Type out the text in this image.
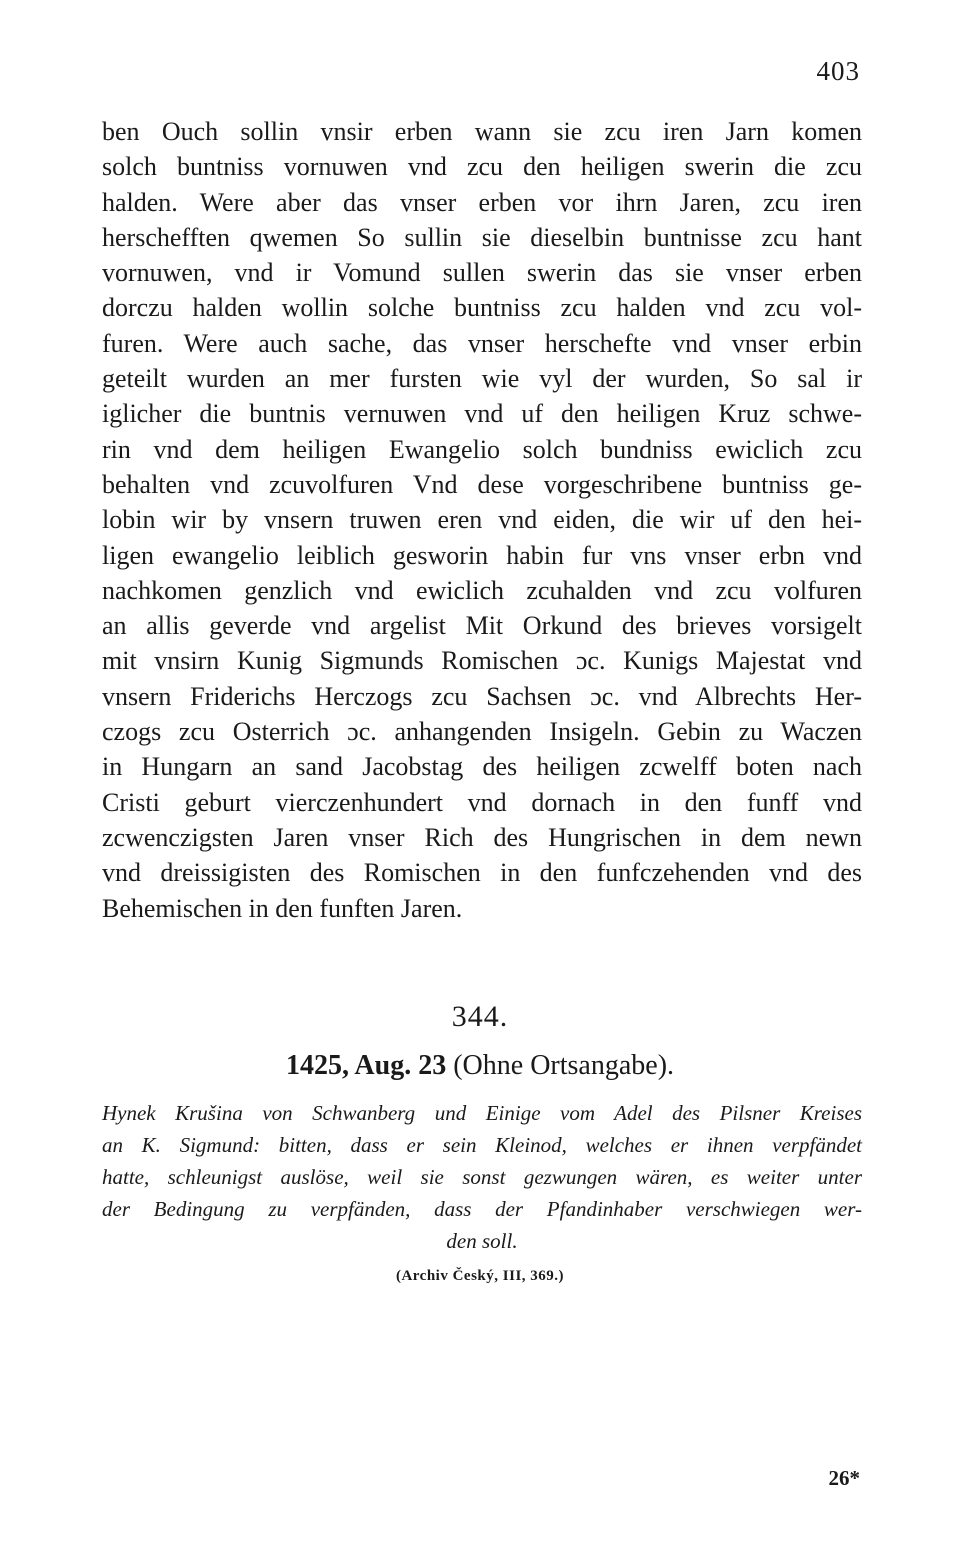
403
ben Ouch sollin vnsir erben wann sie zcu iren Jarn komen
solch buntniss vornuwen vnd zcu den heiligen swerin die zcu
halden. Were aber das vnser erben vor ihrn Jaren, zcu iren
herschefften qwemen So sullin sie dieselbin buntnisse zcu hant
vornuwen, vnd ir Vomund sullen swerin das sie vnser erben
dorczu halden wollin solche buntniss zcu halden vnd zcu vol-
furen. Were auch sache, das vnser herschefte vnd vnser erbin
geteilt wurden an mer fursten wie vyl der wurden, So sal ir
iglicher die buntnis vernuwen vnd uf den heiligen Kruz schwe-
rin vnd dem heiligen Ewangelio solch bundniss ewiclich zcu
behalten vnd zcuvolfuren Vnd dese vorgeschribene buntniss ge-
lobin wir by vnsern truwen eren vnd eiden, die wir uf den hei-
ligen ewangelio leiblich gesworin habin fur vns vnser erbn vnd
nachkomen genzlich vnd ewiclich zcuhalden vnd zcu volfuren
an allis geverde vnd argelist Mit Orkund des brieves vorsigelt
mit vnsirn Kunig Sigmunds Romischen ɔc. Kunigs Majestat vnd
vnsern Friderichs Herczogs zcu Sachsen ɔc. vnd Albrechts Her-
czogs zcu Osterrich ɔc. anhangenden Insigeln. Gebin zu Waczen
in Hungarn an sand Jacobstag des heiligen zcwelff boten nach
Cristi geburt vierczenhundert vnd dornach in den funff vnd
zcwenczigsten Jaren vnser Rich des Hungrischen in dem newn
vnd dreissigisten des Romischen in den funfczehenden vnd des
Behemischen in den funften Jaren.
344.
1425, Aug. 23 (Ohne Ortsangabe).
Hynek Krušina von Schwanberg und Einige vom Adel des Pilsner Kreises
an K. Sigmund: bitten, dass er sein Kleinod, welches er ihnen verpfändet
hatte, schleunigst auslöse, weil sie sonst gezwungen wären, es weiter unter
der Bedingung zu verpfänden, dass der Pfandinhaber verschwiegen wer-
den soll.
(Archiv Český, III, 369.)
26*
